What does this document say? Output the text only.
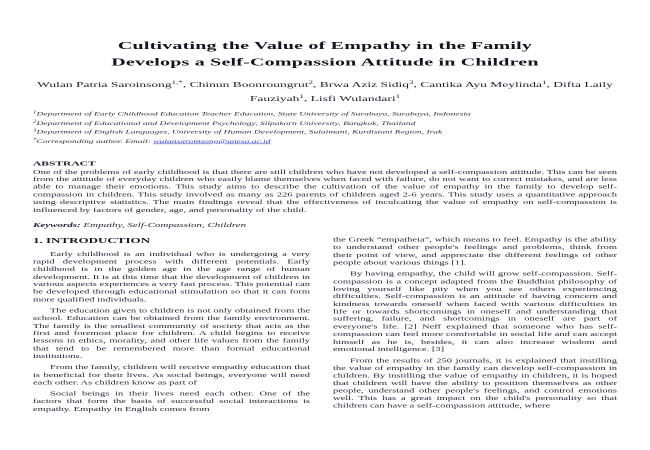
Cultivating the Value of Empathy in the Family
Develops a Self-Compassion Attitude in Children
Wulan Patria Saroinsong$^{1,*}$, Chinun Boonroungrut$^2$, Brwa Aziz Sidiq$^3$, Cantika Ayu Meylinda$^1$, Difta Laily Fauziyah$^1$, Lisfi Wulandari$^1$
$^1$Department of Early Childhood Education Teacher Education, State University of Surabaya, Surabaya, Indonesia
$^2$Department of Educational and Development Psychology, Silpakorn University, Bangkok, Thailand
$^3$Department of English Languages, University of Human Development, Sulaimani, Kurdistani Region, Irak
*Corresponding author. Email: wulansaroinsong@unesa.ac.id
ABSTRACT
One of the problems of early childhood is that there are still children who have not developed a self-compassion attitude. This can be seen from the attitude of everyday children who easily blame themselves when faced with failure, do not want to correct mistakes, and are less able to manage their emotions. This study aims to describe the cultivation of the value of empathy in the family to develop self-compassion in children. This study involved as many as 226 parents of children aged 2-6 years. This study uses a quantitative approach using descriptive statistics. The main findings reveal that the effectiveness of inculcating the value of empathy on self-compassion is influenced by factors of gender, age, and personality of the child.
Keywords: Empathy, Self-Compassion, Children
1. INTRODUCTION

Early childhood is an individual who is undergoing a very rapid development process with different potentials. Early childhood is in the golden age in the age range of human development. It is at this time that the development of children in various aspects experiences a very fast process. This potential can be developed through educational stimulation so that it can form more qualified individuals.

The education given to children is not only obtained from the school. Education can be obtained from the family environment. The family is the smallest community of society that acts as the first and foremost place for children. A child begins to receive lessons in ethics, morality, and other life values from the family that tend to be remembered more than formal educational institutions.

From the family, children will receive empathy education that is beneficial for their lives. As social beings, everyone will need each other. As children know as part of

Social beings in their lives need each other. One of the factors that form the basis of successful social interactions is empathy. Empathy in English comes from

the Greek “empatheia”, which means to feel. Empathy is the ability to understand other people's feelings and problems, think from their point of view, and appreciate the different feelings of other people about various things [1].

By having empathy, the child will grow self-compassion. Self-compassion is a concept adapted from the Buddhist philosophy of loving yourself like pity when you see others experiencing difficulties. Self-compassion is an attitude of having concern and kindness towards oneself when faced with various difficulties in life or towards shortcomings in oneself and understanding that suffering, failure, and shortcomings in oneself are part of everyone's life. [2] Neff explained that someone who has self-compassion can feel more comfortable in social life and can accept himself as he is, besides, it can also increase wisdom and emotional intelligence. [3]

From the results of 250 journals, it is explained that instilling the value of empathy in the family can develop self-compassion in children. By instilling the value of empathy in children, it is hoped that children will have the ability to position themselves as other people, understand other people's feelings, and control emotions well. This has a great impact on the child's personality so that children can have a self-compassion attitude, where
